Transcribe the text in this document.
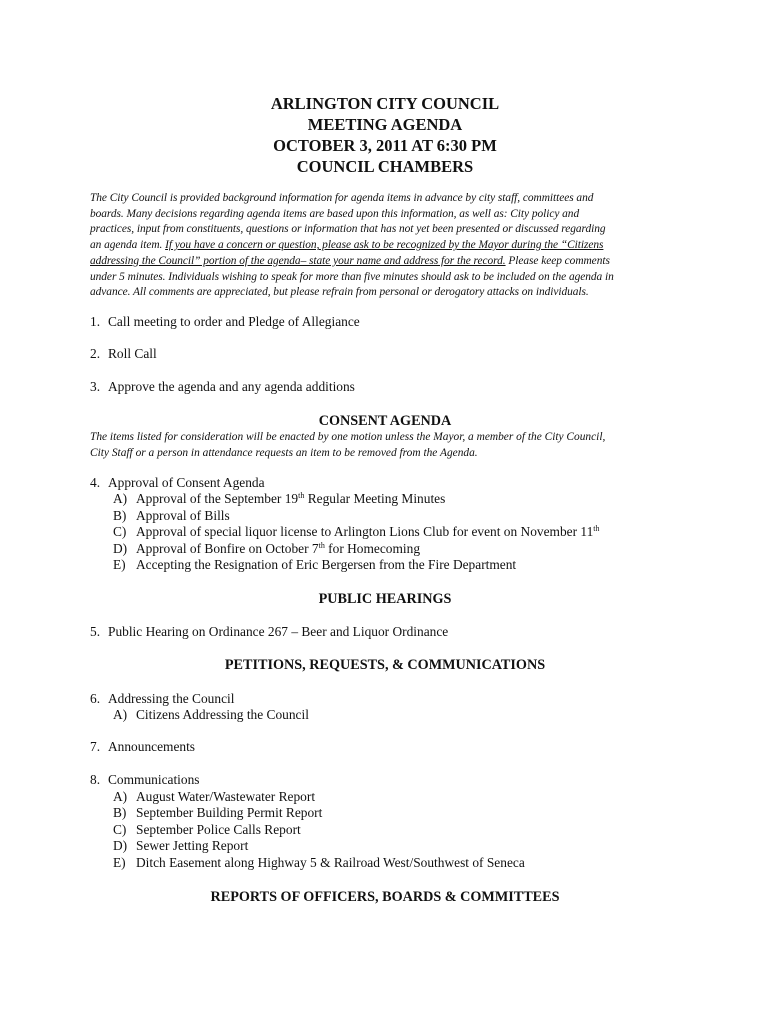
ARLINGTON CITY COUNCIL
MEETING AGENDA
OCTOBER 3, 2011 AT 6:30 PM
COUNCIL CHAMBERS
The City Council is provided background information for agenda items in advance by city staff, committees and
boards. Many decisions regarding agenda items are based upon this information, as well as: City policy and
practices, input from constituents, questions or information that has not yet been presented or discussed regarding
an agenda item. If you have a concern or question, please ask to be recognized by the Mayor during the “Citizens
addressing the Council” portion of the agenda– state your name and address for the record. Please keep comments
under 5 minutes. Individuals wishing to speak for more than five minutes should ask to be included on the agenda in
advance. All comments are appreciated, but please refrain from personal or derogatory attacks on individuals.
1. Call meeting to order and Pledge of Allegiance
2. Roll Call
3. Approve the agenda and any agenda additions
CONSENT AGENDA
The items listed for consideration will be enacted by one motion unless the Mayor, a member of the City Council,
City Staff or a person in attendance requests an item to be removed from the Agenda.
4. Approval of Consent Agenda
A) Approval of the September 19th Regular Meeting Minutes
B) Approval of Bills
C) Approval of special liquor license to Arlington Lions Club for event on November 11th
D) Approval of Bonfire on October 7th for Homecoming
E) Accepting the Resignation of Eric Bergersen from the Fire Department
PUBLIC HEARINGS
5. Public Hearing on Ordinance 267 – Beer and Liquor Ordinance
PETITIONS, REQUESTS, & COMMUNICATIONS
6. Addressing the Council
A) Citizens Addressing the Council
7. Announcements
8. Communications
A) August Water/Wastewater Report
B) September Building Permit Report
C) September Police Calls Report
D) Sewer Jetting Report
E) Ditch Easement along Highway 5 & Railroad West/Southwest of Seneca
REPORTS OF OFFICERS, BOARDS & COMMITTEES
